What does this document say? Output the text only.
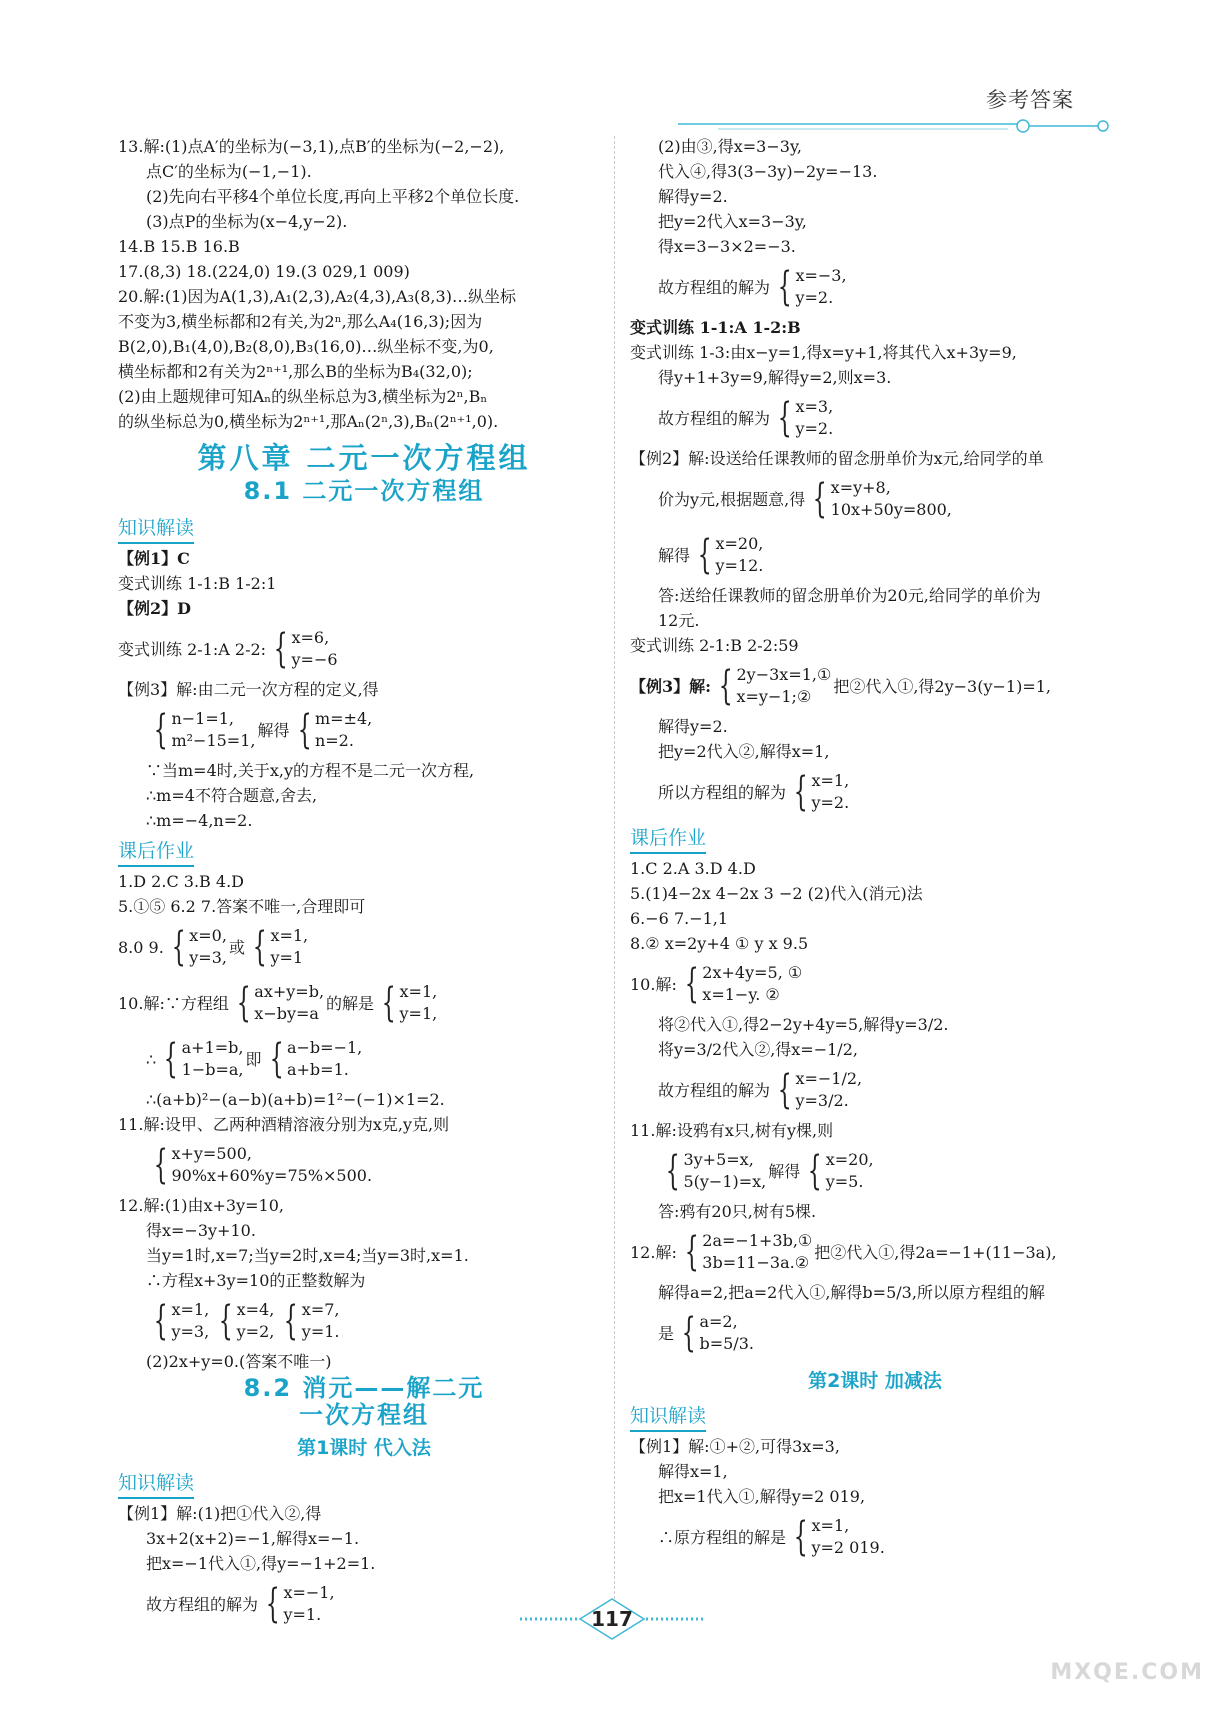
参考答案
13.解:(1)点A′的坐标为(−3,1),点B′的坐标为(−2,−2),
点C′的坐标为(−1,−1).
(2)先向右平移4个单位长度,再向上平移2个单位长度.
(3)点P的坐标为(x−4,y−2).
14.B 15.B 16.B
17.(8,3) 18.(224,0) 19.(3 029,1 009)
20.解:(1)因为A(1,3),A₁(2,3),A₂(4,3),A₃(8,3)…纵坐标
不变为3,横坐标都和2有关,为2ⁿ,那么A₄(16,3);因为
B(2,0),B₁(4,0),B₂(8,0),B₃(16,0)…纵坐标不变,为0,
横坐标都和2有关为2ⁿ⁺¹,那么B的坐标为B₄(32,0);
(2)由上题规律可知Aₙ的纵坐标总为3,横坐标为2ⁿ,Bₙ
的纵坐标总为0,横坐标为2ⁿ⁺¹,那Aₙ(2ⁿ,3),Bₙ(2ⁿ⁺¹,0).
第八章 二元一次方程组
8.1 二元一次方程组
知识解读
【例1】C
变式训练 1-1:B 1-2:1
【例2】D
变式训练 2-1:A 2-2: { x=6,
y=−6
【例3】解:由二元一次方程的定义,得
{ n−1=1,
m²−15=1,
解得 { m=±4,
n=2.
∵当m=4时,关于x,y的方程不是二元一次方程,
∴m=4不符合题意,舍去,
∴m=−4,n=2.
课后作业
1.D 2.C 3.B 4.D
5.①⑤ 6.2 7.答案不唯一,合理即可
8.0 9. { x=0,
y=3,
或 { x=1,
y=1
10.解:∵方程组 { ax+y=b,
x−by=a
的解是 { x=1,
y=1,
∴ { a+1=b,
1−b=a,
即 { a−b=−1,
a+b=1.
∴(a+b)²−(a−b)(a+b)=1²−(−1)×1=2.
11.解:设甲、乙两种酒精溶液分别为x克,y克,则
{ x+y=500,
90%x+60%y=75%×500.
12.解:(1)由x+3y=10,
得x=−3y+10.
当y=1时,x=7;当y=2时,x=4;当y=3时,x=1.
∴方程x+3y=10的正整数解为
{ x=1,
y=3, { x=4,
y=2, { x=7,
y=1.
(2)2x+y=0.(答案不唯一)
8.2 消元——解二元
一次方程组
第1课时 代入法
知识解读
【例1】解:(1)把①代入②,得
3x+2(x+2)=−1,解得x=−1.
把x=−1代入①,得y=−1+2=1.
故方程组的解为 { x=−1,
y=1.
(2)由③,得x=3−3y,
代入④,得3(3−3y)−2y=−13.
解得y=2.
把y=2代入x=3−3y,
得x=3−3×2=−3.
故方程组的解为 { x=−3,
y=2.
变式训练 1-1:A 1-2:B
变式训练 1-3:由x−y=1,得x=y+1,将其代入x+3y=9,
得y+1+3y=9,解得y=2,则x=3.
故方程组的解为 { x=3,
y=2.
【例2】解:设送给任课教师的留念册单价为x元,给同学的单
价为y元,根据题意,得 { x=y+8,
10x+50y=800,
解得 { x=20,
y=12.
答:送给任课教师的留念册单价为20元,给同学的单价为
12元.
变式训练 2-1:B 2-2:59
【例3】解: { 2y−3x=1,①
x=y−1;②
把②代入①,得2y−3(y−1)=1,
解得y=2.
把y=2代入②,解得x=1,
所以方程组的解为 { x=1,
y=2.
课后作业
1.C 2.A 3.D 4.D
5.(1)4−2x 4−2x 3 −2 (2)代入(消元)法
6.−6 7.−1,1
8.② x=2y+4 ① y x 9.5
10.解: { 2x+4y=5, ①
x=1−y. ②
将②代入①,得2−2y+4y=5,解得y=3/2.
将y=3/2代入②,得x=−1/2,
故方程组的解为 { x=−1/2,
y=3/2.
11.解:设鸦有x只,树有y棵,则
{ 3y+5=x,
5(y−1)=x,
解得 { x=20,
y=5.
答:鸦有20只,树有5棵.
12.解: { 2a=−1+3b,①
3b=11−3a.②
把②代入①,得2a=−1+(11−3a),
解得a=2,把a=2代入①,解得b=5/3,所以原方程组的解
是 { a=2,
b=5/3.
第2课时 加减法
知识解读
【例1】解:①+②,可得3x=3,
解得x=1,
把x=1代入①,解得y=2 019,
∴原方程组的解是 { x=1,
y=2 019.
117
MXQE.COM
